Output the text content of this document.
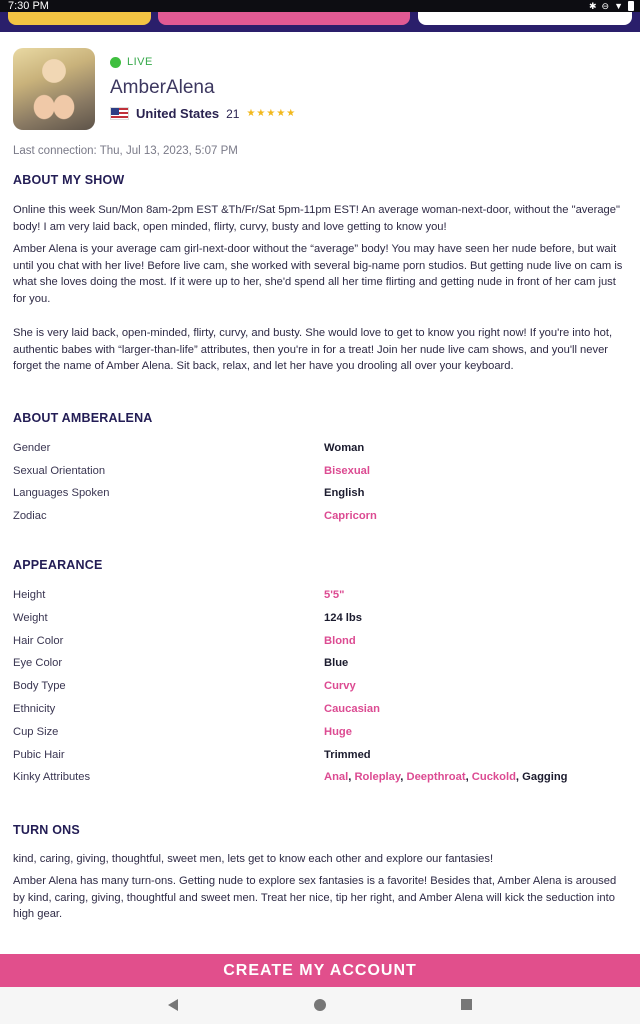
7:30 PM	✱ ⊖ ▼
LIVE
AmberAlena
United States 21 ★★★★★
Last connection: Thu, Jul 13, 2023, 5:07 PM
ABOUT MY SHOW

Online this week Sun/Mon 8am-2pm EST &Th/Fr/Sat 5pm-11pm EST! An average woman-next-door, without the "average" body! I am very laid back, open minded, flirty, curvy, busty and love getting to know you!

Amber Alena is your average cam girl-next-door without the “average” body! You may have seen her nude before, but wait until you chat with her live! Before live cam, she worked with several big-name porn studios. But getting nude live on cam is what she loves doing the most. If it were up to her, she'd spend all her time flirting and getting nude in front of her cam just for you.

She is very laid back, open-minded, flirty, curvy, and busty. She would love to get to know you right now! If you're into hot, authentic babes with “larger-than-life” attributes, then you're in for a treat! Join her nude live cam shows, and you'll never forget the name of Amber Alena. Sit back, relax, and let her have you drooling all over your keyboard.

ABOUT AMBERALENA
Gender	Woman
Sexual Orientation	Bisexual
Languages Spoken	English
Zodiac	Capricorn
APPEARANCE
Height	5'5"
Weight	124 lbs
Hair Color	Blond
Eye Color	Blue
Body Type	Curvy
Ethnicity	Caucasian
Cup Size	Huge
Pubic Hair	Trimmed
Kinky Attributes	Anal, Roleplay, Deepthroat, Cuckold, Gagging
TURN ONS

kind, caring, giving, thoughtful, sweet men, lets get to know each other and explore our fantasies!

Amber Alena has many turn-ons. Getting nude to explore sex fantasies is a favorite! Besides that, Amber Alena is aroused by kind, caring, giving, thoughtful and sweet men. Treat her nice, tip her right, and Amber Alena will kick the seduction into high gear.

CREATE MY ACCOUNT
